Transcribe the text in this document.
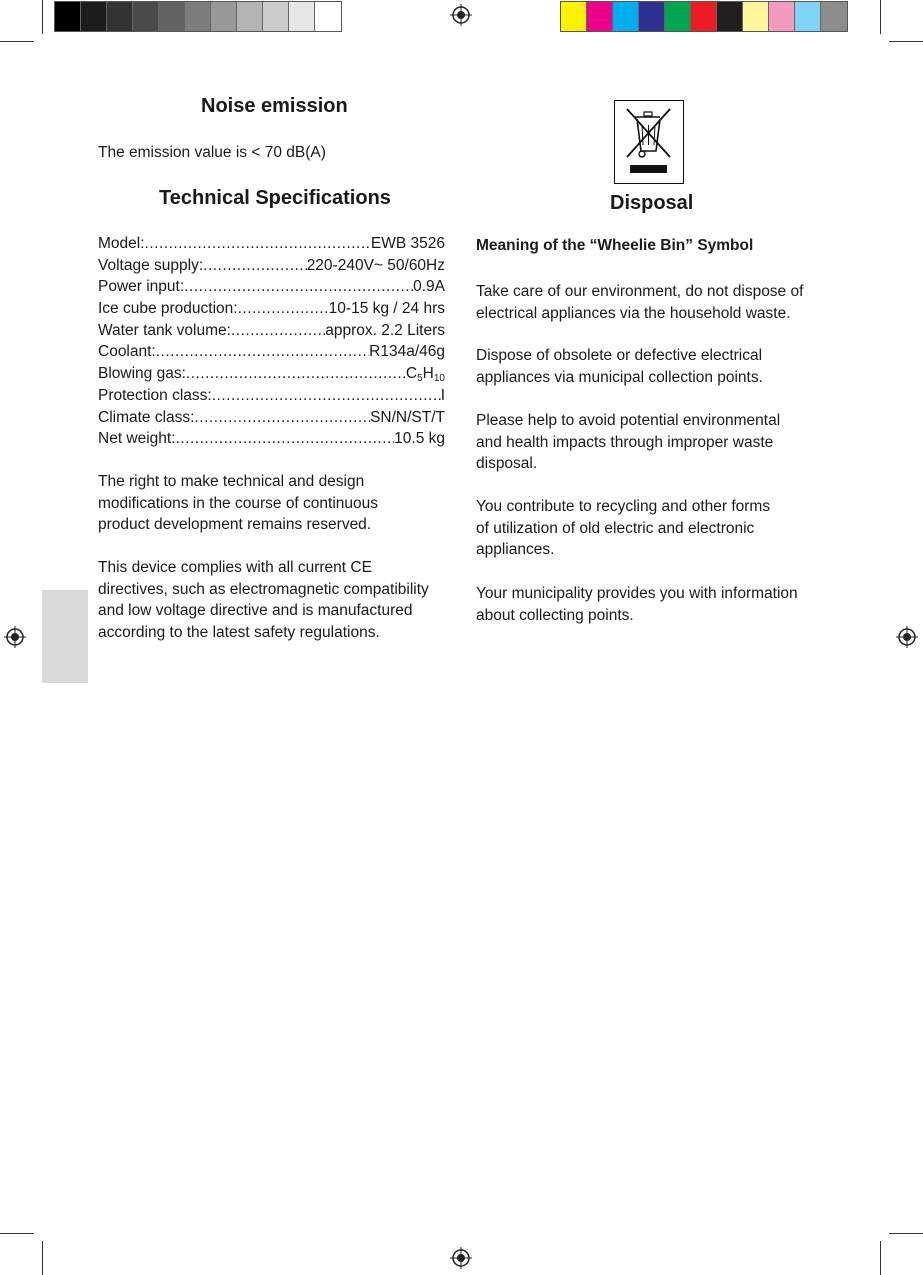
Noise emission

The emission value is < 70 dB(A)

Technical Specifications
Model: .....	EWB 3526
Voltage supply: .....	220-240V~ 50/60Hz
Power input: .....	0.9A
Ice cube production: .....	10-15 kg / 24 hrs
Water tank volume: .....	approx. 2.2 Liters
Coolant: .....	R134a/46g
Blowing gas: .....	$C_5H_{10}$
Protection class: .....	I
Climate class: .....	SN/N/ST/T
Net weight: .....	10.5 kg

The right to make technical and design
modifications in the course of continuous
product development remains reserved.

This device complies with all current CE
directives, such as electromagnetic compatibility
and low voltage directive and is manufactured
according to the latest safety regulations.

Disposal

Meaning of the “Wheelie Bin” Symbol

Take care of our environment, do not dispose of
electrical appliances via the household waste.

Dispose of obsolete or defective electrical
appliances via municipal collection points.

Please help to avoid potential environmental
and health impacts through improper waste
disposal.

You contribute to recycling and other forms
of utilization of old electric and electronic
appliances.

Your municipality provides you with information
about collecting points.
